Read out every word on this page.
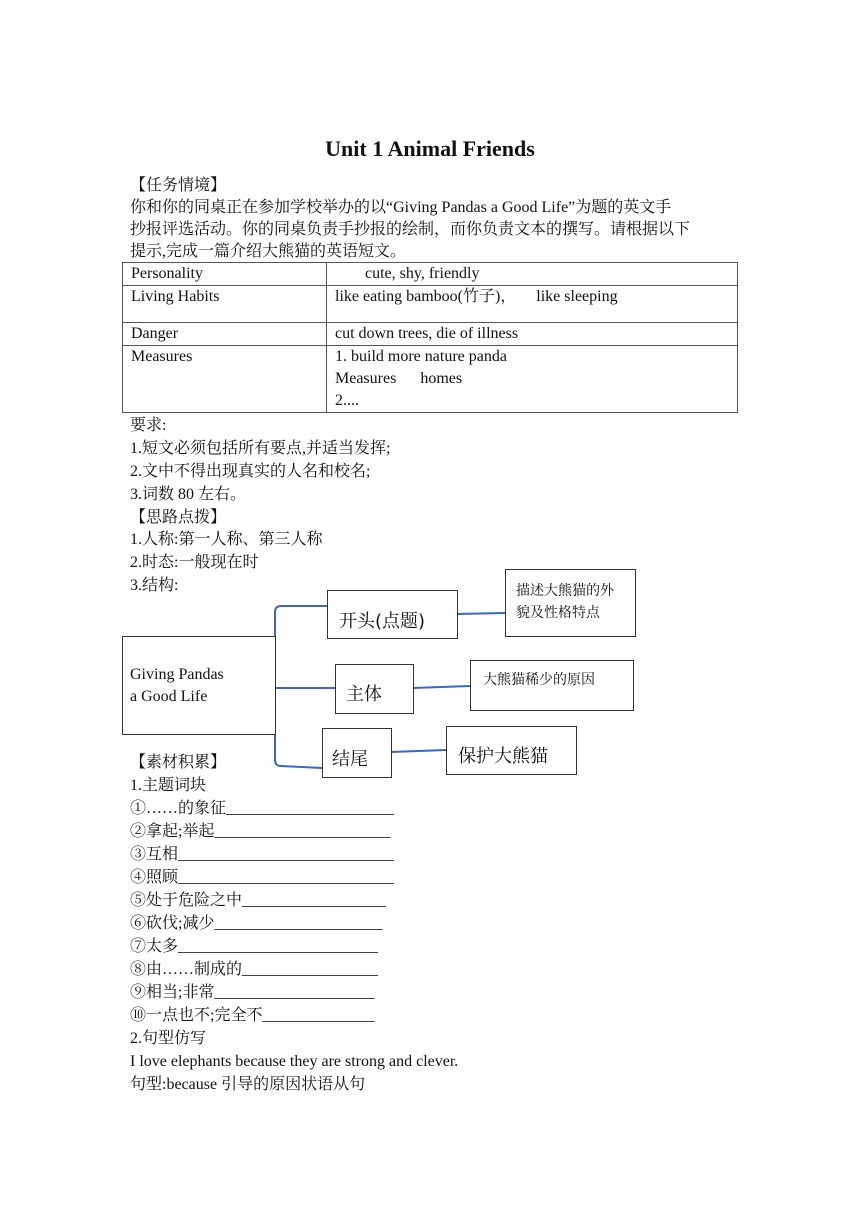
Unit 1 Animal Friends
【任务情境】
你和你的同桌正在参加学校举办的以“Giving Pandas a Good Life”为题的英文手
抄报评选活动。你的同桌负责手抄报的绘制，而你负责文本的撰写。请根据以下
提示,完成一篇介绍大熊猫的英语短文。
Personality	cute, shy, friendly
Living Habits	like eating bamboo(竹子)，     like sleeping
Danger	cut down trees, die of illness
Measures	1. build more nature panda
Measures      homes
2....
要求:
1.短文必须包括所有要点,并适当发挥;
2.文中不得出现真实的人名和校名;
3.词数 80 左右。
【思路点拨】
1.人称:第一人称、第三人称
2.时态:一般现在时
3.结构:
Giving Pandas
a Good Life
开头(点题)
描述大熊猫的外
貌及性格特点
主体
大熊猫稀少的原因
结尾	保护大熊猫
【素材积累】
1.主题词块
①……的象征_____________________
②拿起;举起______________________
③互相___________________________
④照顾___________________________
⑤处于危险之中__________________
⑥砍伐;减少_____________________
⑦太多_________________________
⑧由……制成的_________________
⑨相当;非常____________________
⑩一点也不;完全不______________
2.句型仿写
I love elephants because they are strong and clever.
句型:because 引导的原因状语从句
